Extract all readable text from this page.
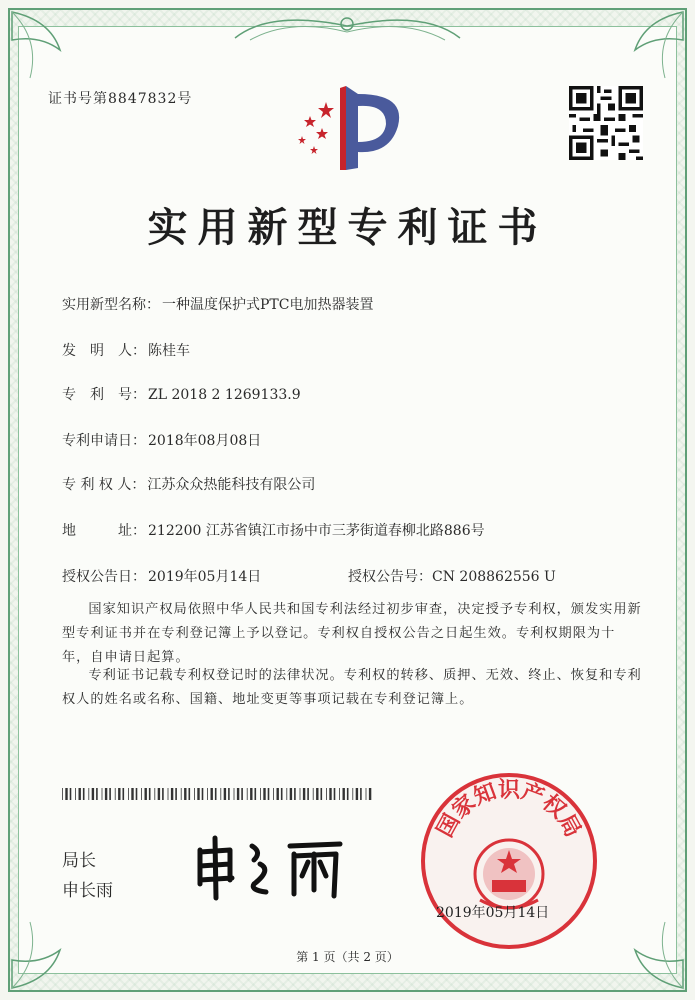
证书号第8847832号
实用新型专利证书
实用新型名称： 一种温度保护式PTC电加热器装置
发　明　人： 陈桂车
专　利　号： ZL 2018 2 1269133.9
专利申请日： 2018年08月08日
专 利 权 人： 江苏众众热能科技有限公司
地　　　址： 212200 江苏省镇江市扬中市三茅街道春柳北路886号
授权公告日： 2019年05月14日	授权公告号：CN 208862556 U
国家知识产权局依照中华人民共和国专利法经过初步审查，决定授予专利权，颁发实用新型专利证书并在专利登记簿上予以登记。专利权自授权公告之日起生效。专利权期限为十年，自申请日起算。
专利证书记载专利权登记时的法律状况。专利权的转移、质押、无效、终止、恢复和专利权人的姓名或名称、国籍、地址变更等事项记载在专利登记簿上。
局长
申长雨
国家知识产权局
2019年05月14日
第 1 页（共 2 页）
